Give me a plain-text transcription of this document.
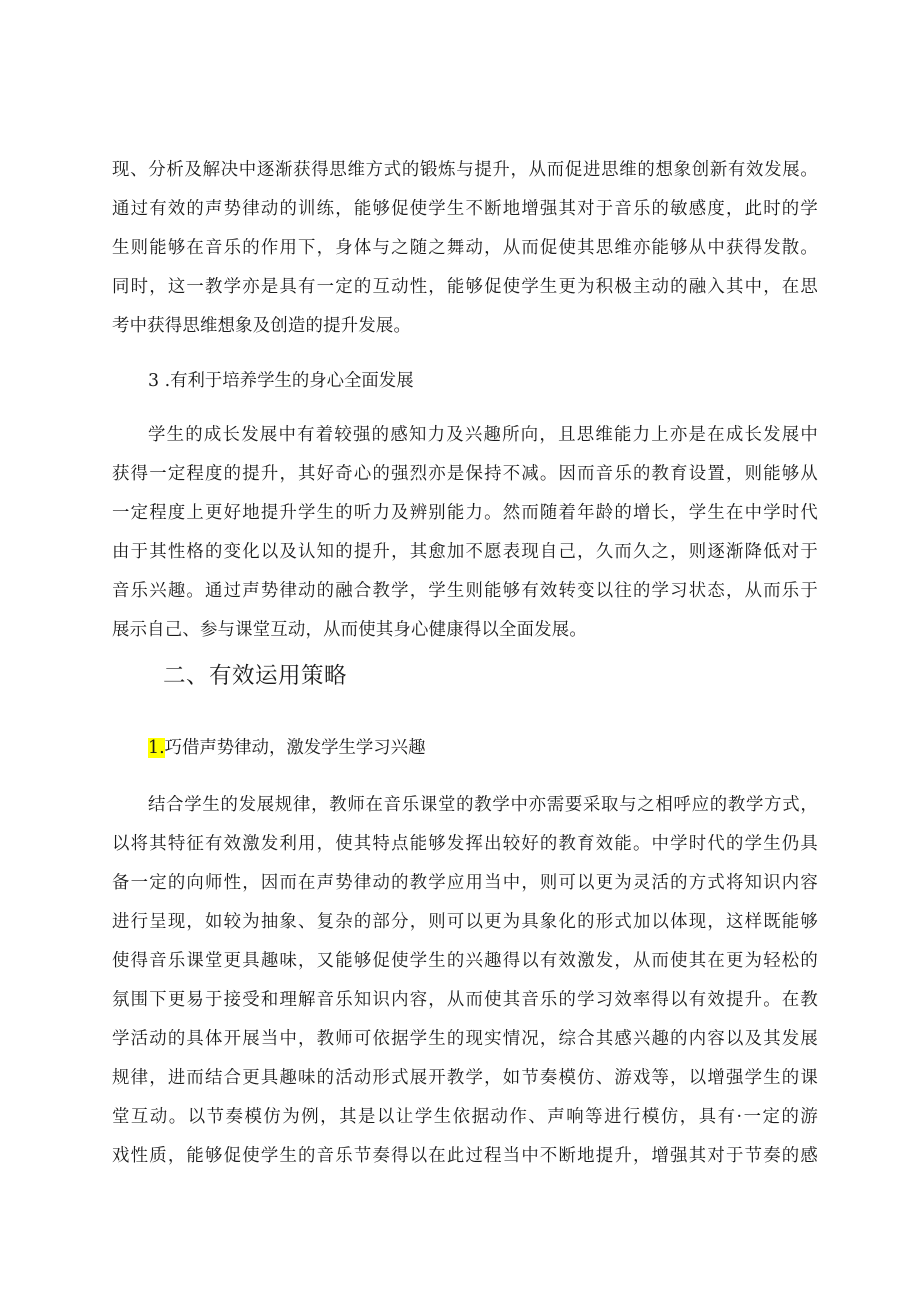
现、分析及解决中逐渐获得思维方式的锻炼与提升，从而促进思维的想象创新有效发展。
通过有效的声势律动的训练，能够促使学生不断地增强其对于音乐的敏感度，此时的学
生则能够在音乐的作用下，身体与之随之舞动，从而促使其思维亦能够从中获得发散。
同时，这一教学亦是具有一定的互动性，能够促使学生更为积极主动的融入其中，在思
考中获得思维想象及创造的提升发展。
3 .有利于培养学生的身心全面发展
学生的成长发展中有着较强的感知力及兴趣所向，且思维能力上亦是在成长发展中
获得一定程度的提升，其好奇心的强烈亦是保持不减。因而音乐的教育设置，则能够从
一定程度上更好地提升学生的听力及辨别能力。然而随着年龄的增长，学生在中学时代
由于其性格的变化以及认知的提升，其愈加不愿表现自己，久而久之，则逐渐降低对于
音乐兴趣。通过声势律动的融合教学，学生则能够有效转变以往的学习状态，从而乐于
展示自己、参与课堂互动，从而使其身心健康得以全面发展。
二、有效运用策略
1.巧借声势律动，激发学生学习兴趣
结合学生的发展规律，教师在音乐课堂的教学中亦需要采取与之相呼应的教学方式，
以将其特征有效激发利用，使其特点能够发挥出较好的教育效能。中学时代的学生仍具
备一定的向师性，因而在声势律动的教学应用当中，则可以更为灵活的方式将知识内容
进行呈现，如较为抽象、复杂的部分，则可以更为具象化的形式加以体现，这样既能够
使得音乐课堂更具趣味，又能够促使学生的兴趣得以有效激发，从而使其在更为轻松的
氛围下更易于接受和理解音乐知识内容，从而使其音乐的学习效率得以有效提升。在教
学活动的具体开展当中，教师可依据学生的现实情况，综合其感兴趣的内容以及其发展
规律，进而结合更具趣味的活动形式展开教学，如节奏模仿、游戏等，以增强学生的课
堂互动。以节奏模仿为例，其是以让学生依据动作、声响等进行模仿，具有·一定的游
戏性质，能够促使学生的音乐节奏得以在此过程当中不断地提升，增强其对于节奏的感
